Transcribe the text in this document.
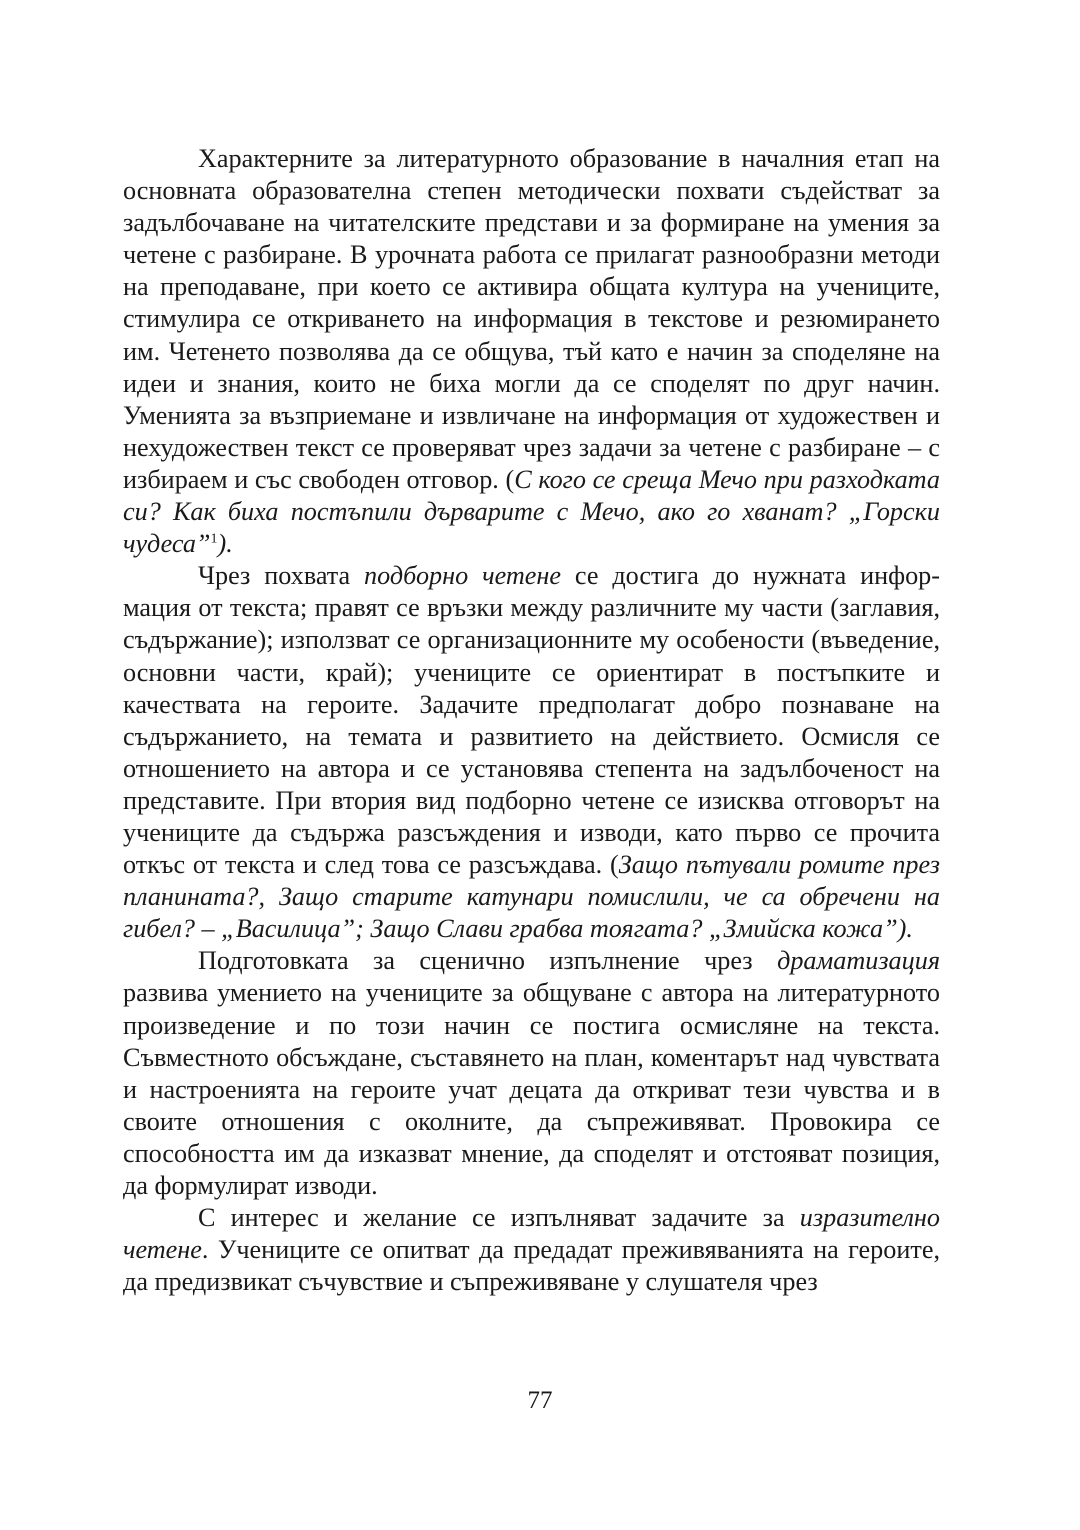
Характерните за литературното образование в началния етап на основната образователна степен методически похвати съдействат за задълбочаване на читателските представи и за формиране на умения за четене с разбиране. В урочната работа се прилагат разнообразни методи на преподаване, при което се активира общата култура на учениците, стимулира се откриването на информация в текстове и резюмирането им. Четенето позволява да се общува, тъй като е начин за споделяне на идеи и знания, които не биха могли да се споделят по друг начин. Уменията за възприемане и извличане на информация от художествен и нехудожествен текст се проверяват чрез задачи за четене с разбиране – с избираем и със свободен отговор. (С кого се среща Мечо при разходката си? Как биха постъпили дърварите с Мечо, ако го хванат? „Горски чудеса”$^1$).

Чрез похвата подборно четене се достига до нужната информация от текста; правят се връзки между различните му части (заглавия, съдържание); използват се организационните му особености (въведение, основни части, край); учениците се ориентират в постъпките и качествата на героите. Задачите предполагат добро познаване на съдържанието, на темата и развитието на действието. Осмисля се отношението на автора и се установява степента на задълбоченост на представите. При втория вид подборно четене се изисква отговорът на учениците да съдържа разсъждения и изводи, като първо се прочита откъс от текста и след това се разсъждава. (Защо пътували ромите през планината?, Защо старите катунари помислили, че са обречени на гибел? – „Василица”; Защо Слави грабва тоягата? „Змийска кожа”).

Подготовката за сценично изпълнение чрез драматизация развива умението на учениците за общуване с автора на литературното произведение и по този начин се постига осмисляне на текста. Съвместното обсъждане, съставянето на план, коментарът над чувствата и настроенията на героите учат децата да откриват тези чувства и в своите отношения с околните, да съпреживяват. Провокира се способността им да изказват мнение, да споделят и отстояват позиция, да формулират изводи.

С интерес и желание се изпълняват задачите за изразително четене. Учениците се опитват да предадат преживяванията на героите, да предизвикат съчувствие и съпреживяване у слушателя чрез

77
